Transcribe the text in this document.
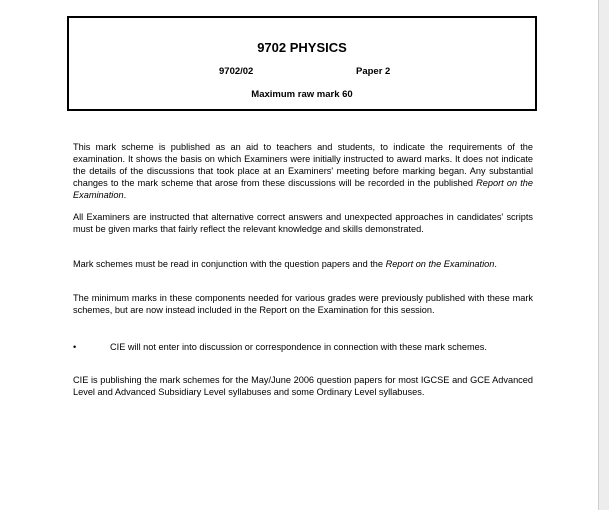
9702 PHYSICS
9702/02	Paper 2
Maximum raw mark 60
This mark scheme is published as an aid to teachers and students, to indicate the requirements of the examination. It shows the basis on which Examiners were initially instructed to award marks. It does not indicate the details of the discussions that took place at an Examiners' meeting before marking began. Any substantial changes to the mark scheme that arose from these discussions will be recorded in the published Report on the Examination.
All Examiners are instructed that alternative correct answers and unexpected approaches in candidates' scripts must be given marks that fairly reflect the relevant knowledge and skills demonstrated.
Mark schemes must be read in conjunction with the question papers and the Report on the Examination.
The minimum marks in these components needed for various grades were previously published with these mark schemes, but are now instead included in the Report on the Examination for this session.
•	CIE will not enter into discussion or correspondence in connection with these mark schemes.
CIE is publishing the mark schemes for the May/June 2006 question papers for most IGCSE and GCE Advanced Level and Advanced Subsidiary Level syllabuses and some Ordinary Level syllabuses.
